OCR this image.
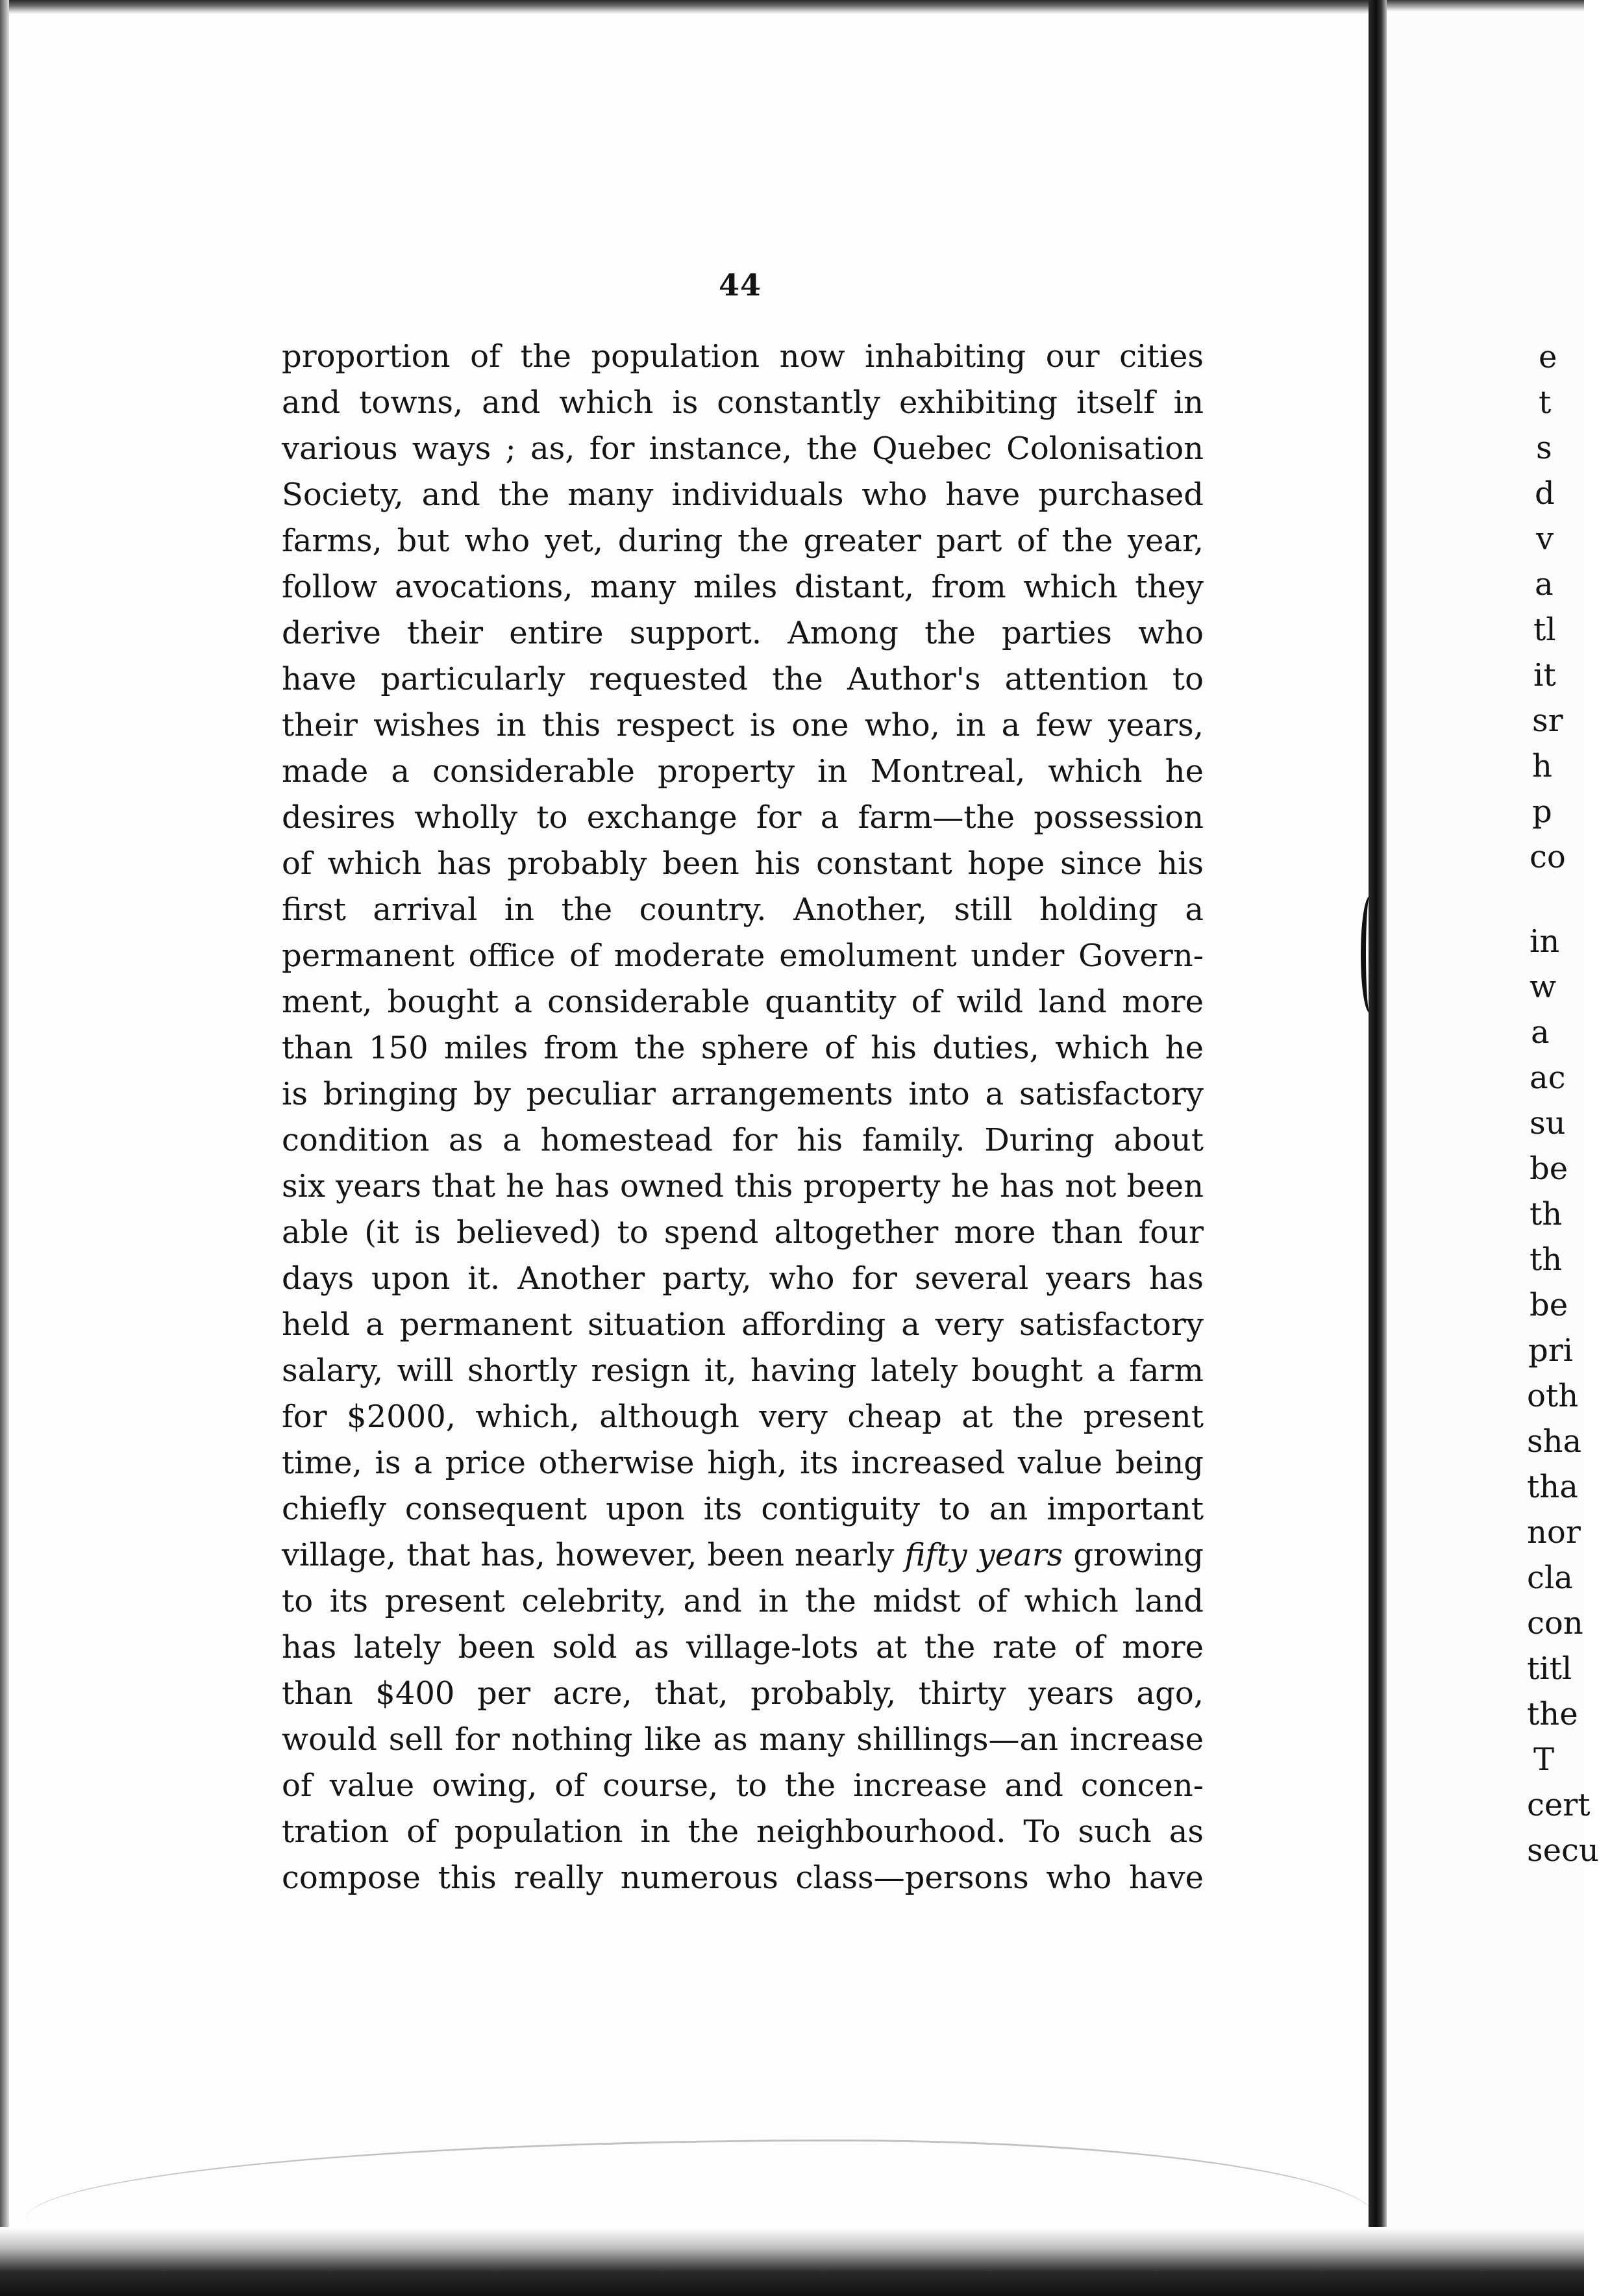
44
proportion of the population now inhabiting our cities
and towns, and which is constantly exhibiting itself in
various ways ; as, for instance, the Quebec Colonisation
Society, and the many individuals who have purchased
farms, but who yet, during the greater part of the year,
follow avocations, many miles distant, from which they
derive their entire support. Among the parties who
have particularly requested the Author's attention to
their wishes in this respect is one who, in a few years,
made a considerable property in Montreal, which he
desires wholly to exchange for a farm—the possession
of which has probably been his constant hope since his
first arrival in the country. Another, still holding a
permanent office of moderate emolument under Govern-
ment, bought a considerable quantity of wild land more
than 150 miles from the sphere of his duties, which he
is bringing by peculiar arrangements into a satisfactory
condition as a homestead for his family. During about
six years that he has owned this property he has not been
able (it is believed) to spend altogether more than four
days upon it. Another party, who for several years has
held a permanent situation affording a very satisfactory
salary, will shortly resign it, having lately bought a farm
for $2000, which, although very cheap at the present
time, is a price otherwise high, its increased value being
chiefly consequent upon its contiguity to an important
village, that has, however, been nearly fifty years growing
to its present celebrity, and in the midst of which land
has lately been sold as village-lots at the rate of more
than $400 per acre, that, probably, thirty years ago,
would sell for nothing like as many shillings—an increase
of value owing, of course, to the increase and concen-
tration of population in the neighbourhood. To such as
compose this really numerous class—persons who have
e
t
s
d
v
a
tl
it
sr
h
p
co
in
w
a
ac
su
be
th
th
be
pri
oth
sha
tha
nor
cla
con
titl
the
T
cert
secu
